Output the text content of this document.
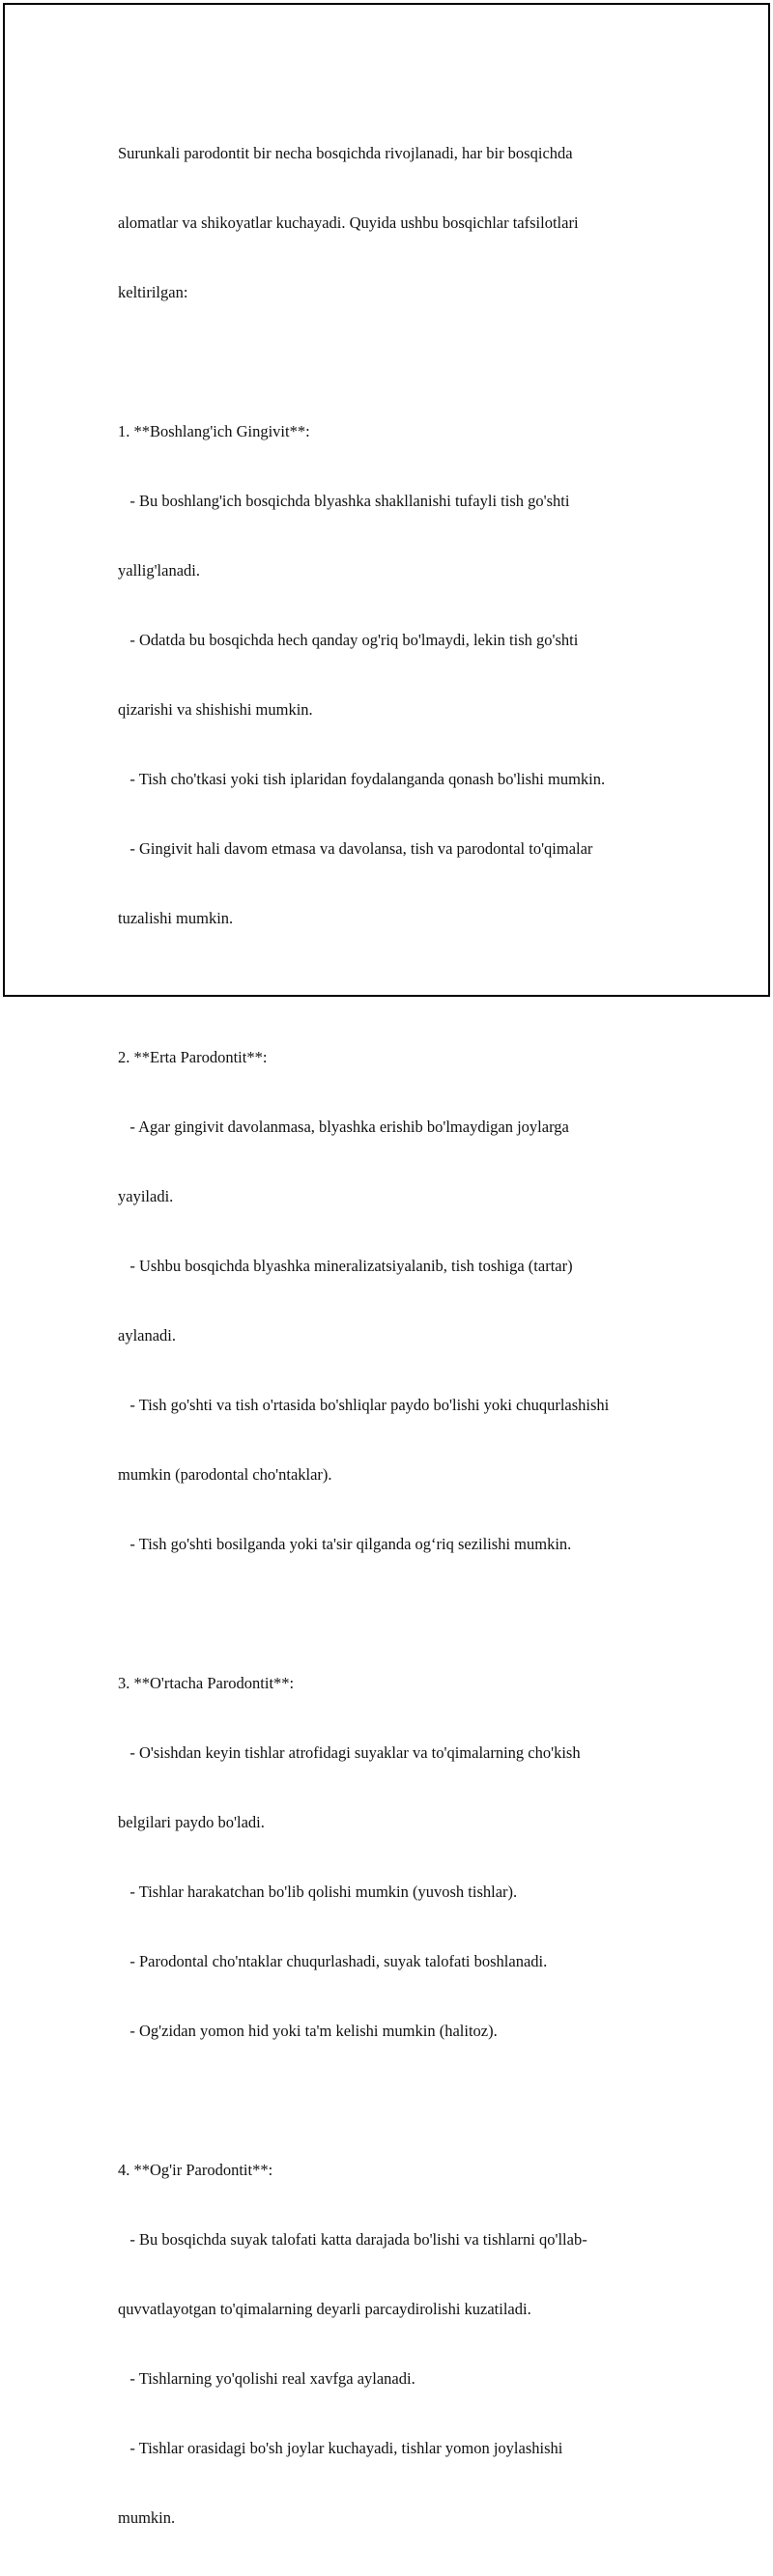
Surunkali parodontit bir necha bosqichda rivojlanadi, har bir bosqichda

alomatlar va shikoyatlar kuchayadi. Quyida ushbu bosqichlar tafsilotlari

keltirilgan:

1. **Boshlang'ich Gingivit**:

- Bu boshlang'ich bosqichda blyashka shakllanishi tufayli tish go'shti

yallig'lanadi.

- Odatda bu bosqichda hech qanday og'riq bo'lmaydi, lekin tish go'shti

qizarishi va shishishi mumkin.

- Tish cho'tkasi yoki tish iplaridan foydalanganda qonash bo'lishi mumkin.

- Gingivit hali davom etmasa va davolansa, tish va parodontal to'qimalar

tuzalishi mumkin.

2. **Erta Parodontit**:

- Agar gingivit davolanmasa, blyashka erishib bo'lmaydigan joylarga

yayiladi.

- Ushbu bosqichda blyashka mineralizatsiyalanib, tish toshiga (tartar)

aylanadi.

- Tish go'shti va tish o'rtasida bo'shliqlar paydo bo'lishi yoki chuqurlashishi

mumkin (parodontal cho'ntaklar).

- Tish go'shti bosilganda yoki ta'sir qilganda og‘riq sezilishi mumkin.

3. **O'rtacha Parodontit**:

- O'sishdan keyin tishlar atrofidagi suyaklar va to'qimalarning cho'kish

belgilari paydo bo'ladi.

- Tishlar harakatchan bo'lib qolishi mumkin (yuvosh tishlar).

- Parodontal cho'ntaklar chuqurlashadi, suyak talofati boshlanadi.

- Og'zidan yomon hid yoki ta'm kelishi mumkin (halitoz).

4. **Og'ir Parodontit**:

- Bu bosqichda suyak talofati katta darajada bo'lishi va tishlarni qo'llab-

quvvatlayotgan to'qimalarning deyarli parcaydirolishi kuzatiladi.

- Tishlarning yo'qolishi real xavfga aylanadi.

- Tishlar orasidagi bo'sh joylar kuchayadi, tishlar yomon joylashishi

mumkin.
